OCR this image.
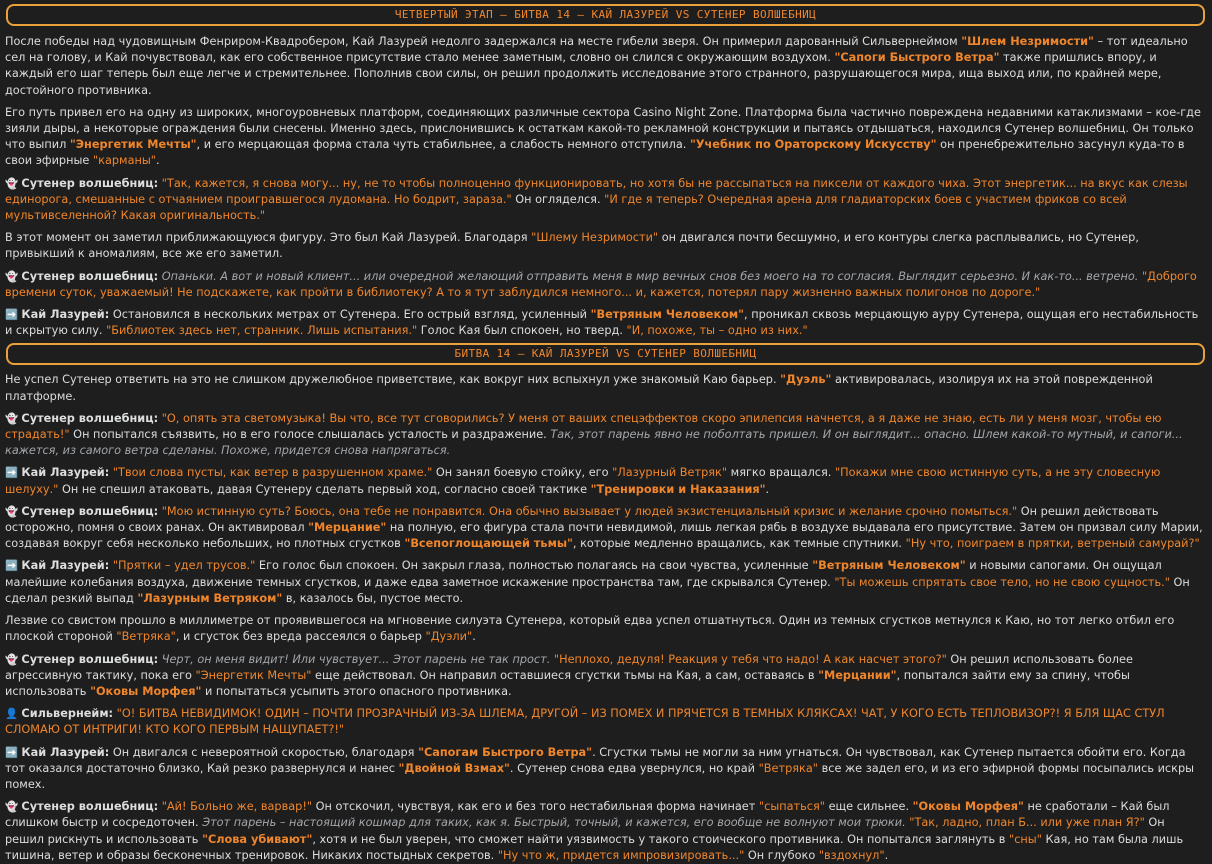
ЧЕТВЕРТЫЙ ЭТАП – БИТВА 14 – КАЙ ЛАЗУРЕЙ VS СУТЕНЕР ВОЛШЕБНИЦ

После победы над чудовищным Фенриром-Квадробером, Кай Лазурей недолго задержался на месте гибели зверя. Он примерил дарованный Сильвернеймом "Шлем Незримости" – тот идеально сел на голову, и Кай почувствовал, как его собственное присутствие стало менее заметным, словно он слился с окружающим воздухом. "Сапоги Быстрого Ветра" также пришлись впору, и каждый его шаг теперь был еще легче и стремительнее. Пополнив свои силы, он решил продолжить исследование этого странного, разрушающегося мира, ища выход или, по крайней мере, достойного противника.

Его путь привел его на одну из широких, многоуровневых платформ, соединяющих различные сектора Casino Night Zone. Платформа была частично повреждена недавними катаклизмами – кое-где зияли дыры, а некоторые ограждения были снесены. Именно здесь, прислонившись к остаткам какой-то рекламной конструкции и пытаясь отдышаться, находился Сутенер волшебниц. Он только что выпил "Энергетик Мечты", и его мерцающая форма стала чуть стабильнее, а слабость немного отступила. "Учебник по Ораторскому Искусству" он пренебрежительно засунул куда-то в свои эфирные "карманы".

👻 Сутенер волшебниц: "Так, кажется, я снова могу... ну, не то чтобы полноценно функционировать, но хотя бы не рассыпаться на пиксели от каждого чиха. Этот энергетик... на вкус как слезы единорога, смешанные с отчаянием проигравшегося лудомана. Но бодрит, зараза." Он огляделся. "И где я теперь? Очередная арена для гладиаторских боев с участием фриков со всей мультивселенной? Какая оригинальность."

В этот момент он заметил приближающуюся фигуру. Это был Кай Лазурей. Благодаря "Шлему Незримости" он двигался почти бесшумно, и его контуры слегка расплывались, но Сутенер, привыкший к аномалиям, все же его заметил.

👻 Сутенер волшебниц: Опаньки. А вот и новый клиент... или очередной желающий отправить меня в мир вечных снов без моего на то согласия. Выглядит серьезно. И как-то... ветрено. "Доброго времени суток, уважаемый! Не подскажете, как пройти в библиотеку? А то я тут заблудился немного... и, кажется, потерял пару жизненно важных полигонов по дороге."

➡️ Кай Лазурей: Остановился в нескольких метрах от Сутенера. Его острый взгляд, усиленный "Ветряным Человеком", проникал сквозь мерцающую ауру Сутенера, ощущая его нестабильность и скрытую силу. "Библиотек здесь нет, странник. Лишь испытания." Голос Кая был спокоен, но тверд. "И, похоже, ты – одно из них."

БИТВА 14 – КАЙ ЛАЗУРЕЙ VS СУТЕНЕР ВОЛШЕБНИЦ

Не успел Сутенер ответить на это не слишком дружелюбное приветствие, как вокруг них вспыхнул уже знакомый Каю барьер. "Дуэль" активировалась, изолируя их на этой поврежденной платформе.

👻 Сутенер волшебниц: "О, опять эта светомузыка! Вы что, все тут сговорились? У меня от ваших спецэффектов скоро эпилепсия начнется, а я даже не знаю, есть ли у меня мозг, чтобы ею страдать!" Он попытался съязвить, но в его голосе слышалась усталость и раздражение. Так, этот парень явно не поболтать пришел. И он выглядит... опасно. Шлем какой-то мутный, и сапоги... кажется, из самого ветра сделаны. Похоже, придется снова напрягаться.

➡️ Кай Лазурей: "Твои слова пусты, как ветер в разрушенном храме." Он занял боевую стойку, его "Лазурный Ветряк" мягко вращался. "Покажи мне свою истинную суть, а не эту словесную шелуху." Он не спешил атаковать, давая Сутенеру сделать первый ход, согласно своей тактике "Тренировки и Наказания".

👻 Сутенер волшебниц: "Мою истинную суть? Боюсь, она тебе не понравится. Она обычно вызывает у людей экзистенциальный кризис и желание срочно помыться." Он решил действовать осторожно, помня о своих ранах. Он активировал "Мерцание" на полную, его фигура стала почти невидимой, лишь легкая рябь в воздухе выдавала его присутствие. Затем он призвал силу Марии, создавая вокруг себя несколько небольших, но плотных сгустков "Всепоглощающей тьмы", которые медленно вращались, как темные спутники. "Ну что, поиграем в прятки, ветреный самурай?"

➡️ Кай Лазурей: "Прятки – удел трусов." Его голос был спокоен. Он закрыл глаза, полностью полагаясь на свои чувства, усиленные "Ветряным Человеком" и новыми сапогами. Он ощущал малейшие колебания воздуха, движение темных сгустков, и даже едва заметное искажение пространства там, где скрывался Сутенер. "Ты можешь спрятать свое тело, но не свою сущность." Он сделал резкий выпад "Лазурным Ветряком" в, казалось бы, пустое место.

Лезвие со свистом прошло в миллиметре от проявившегося на мгновение силуэта Сутенера, который едва успел отшатнуться. Один из темных сгустков метнулся к Каю, но тот легко отбил его плоской стороной "Ветряка", и сгусток без вреда рассеялся о барьер "Дуэли".

👻 Сутенер волшебниц: Черт, он меня видит! Или чувствует... Этот парень не так прост. "Неплохо, дедуля! Реакция у тебя что надо! А как насчет этого?" Он решил использовать более агрессивную тактику, пока его "Энергетик Мечты" еще действовал. Он направил оставшиеся сгустки тьмы на Кая, а сам, оставаясь в "Мерцании", попытался зайти ему за спину, чтобы использовать "Оковы Морфея" и попытаться усыпить этого опасного противника.

👤 Сильвернейм: "О! БИТВА НЕВИДИМОК! ОДИН – ПОЧТИ ПРОЗРАЧНЫЙ ИЗ-ЗА ШЛЕМА, ДРУГОЙ – ИЗ ПОМЕХ И ПРЯЧЕТСЯ В ТЕМНЫХ КЛЯКСАХ! ЧАТ, У КОГО ЕСТЬ ТЕПЛОВИЗОР?! Я БЛЯ ЩАС СТУЛ СЛОМАЮ ОТ ИНТРИГИ! КТО КОГО ПЕРВЫМ НАЩУПАЕТ?!"

➡️ Кай Лазурей: Он двигался с невероятной скоростью, благодаря "Сапогам Быстрого Ветра". Сгустки тьмы не могли за ним угнаться. Он чувствовал, как Сутенер пытается обойти его. Когда тот оказался достаточно близко, Кай резко развернулся и нанес "Двойной Взмах". Сутенер снова едва увернулся, но край "Ветряка" все же задел его, и из его эфирной формы посыпались искры помех.

👻 Сутенер волшебниц: "Ай! Больно же, варвар!" Он отскочил, чувствуя, как его и без того нестабильная форма начинает "сыпаться" еще сильнее. "Оковы Морфея" не сработали – Кай был слишком быстр и сосредоточен. Этот парень – настоящий кошмар для таких, как я. Быстрый, точный, и кажется, его вообще не волнуют мои трюки. "Так, ладно, план Б... или уже план Я?" Он решил рискнуть и использовать "Слова убивают", хотя и не был уверен, что сможет найти уязвимость у такого стоического противника. Он попытался заглянуть в "сны" Кая, но там была лишь тишина, ветер и образы бесконечных тренировок. Никаких постыдных секретов. "Ну что ж, придется импровизировать..." Он глубоко "вздохнул".
